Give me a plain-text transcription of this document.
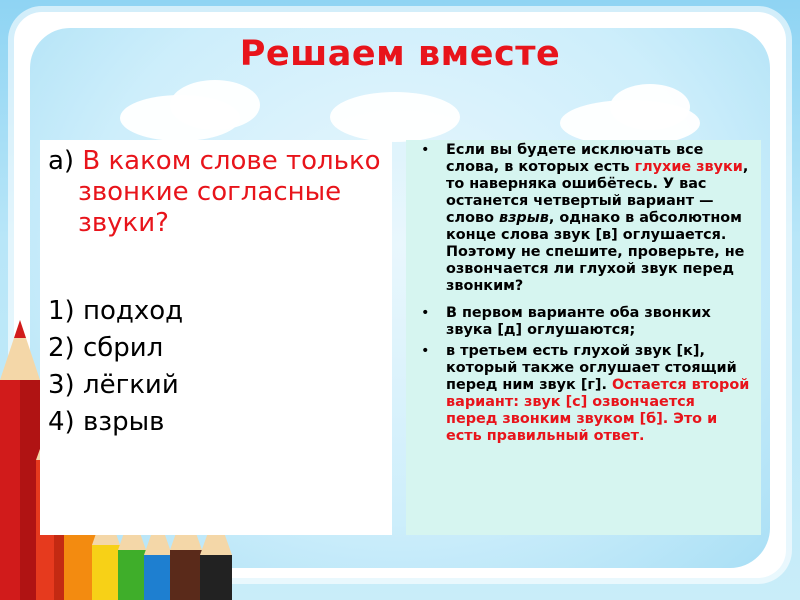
Решаем вместе
а) В каком слове только звонкие согласные звуки?
1) подход
2) сбрил
3) лёгкий
4) взрыв
• Если вы будете исключать все слова, в которых есть глухие звуки, то наверняка ошибётесь. У вас останется четвертый вариант — слово взрыв, однако в абсолютном конце слова звук [в] оглушается. Поэтому не спешите, проверьте, не озвончается ли глухой звук перед звонким?
• В первом варианте оба звонких звука [д] оглушаются;
• в третьем есть глухой звук [к], который также оглушает стоящий перед ним звук [г]. Остается второй вариант: звук [с] озвончается перед звонким звуком [б]. Это и есть правильный ответ.
